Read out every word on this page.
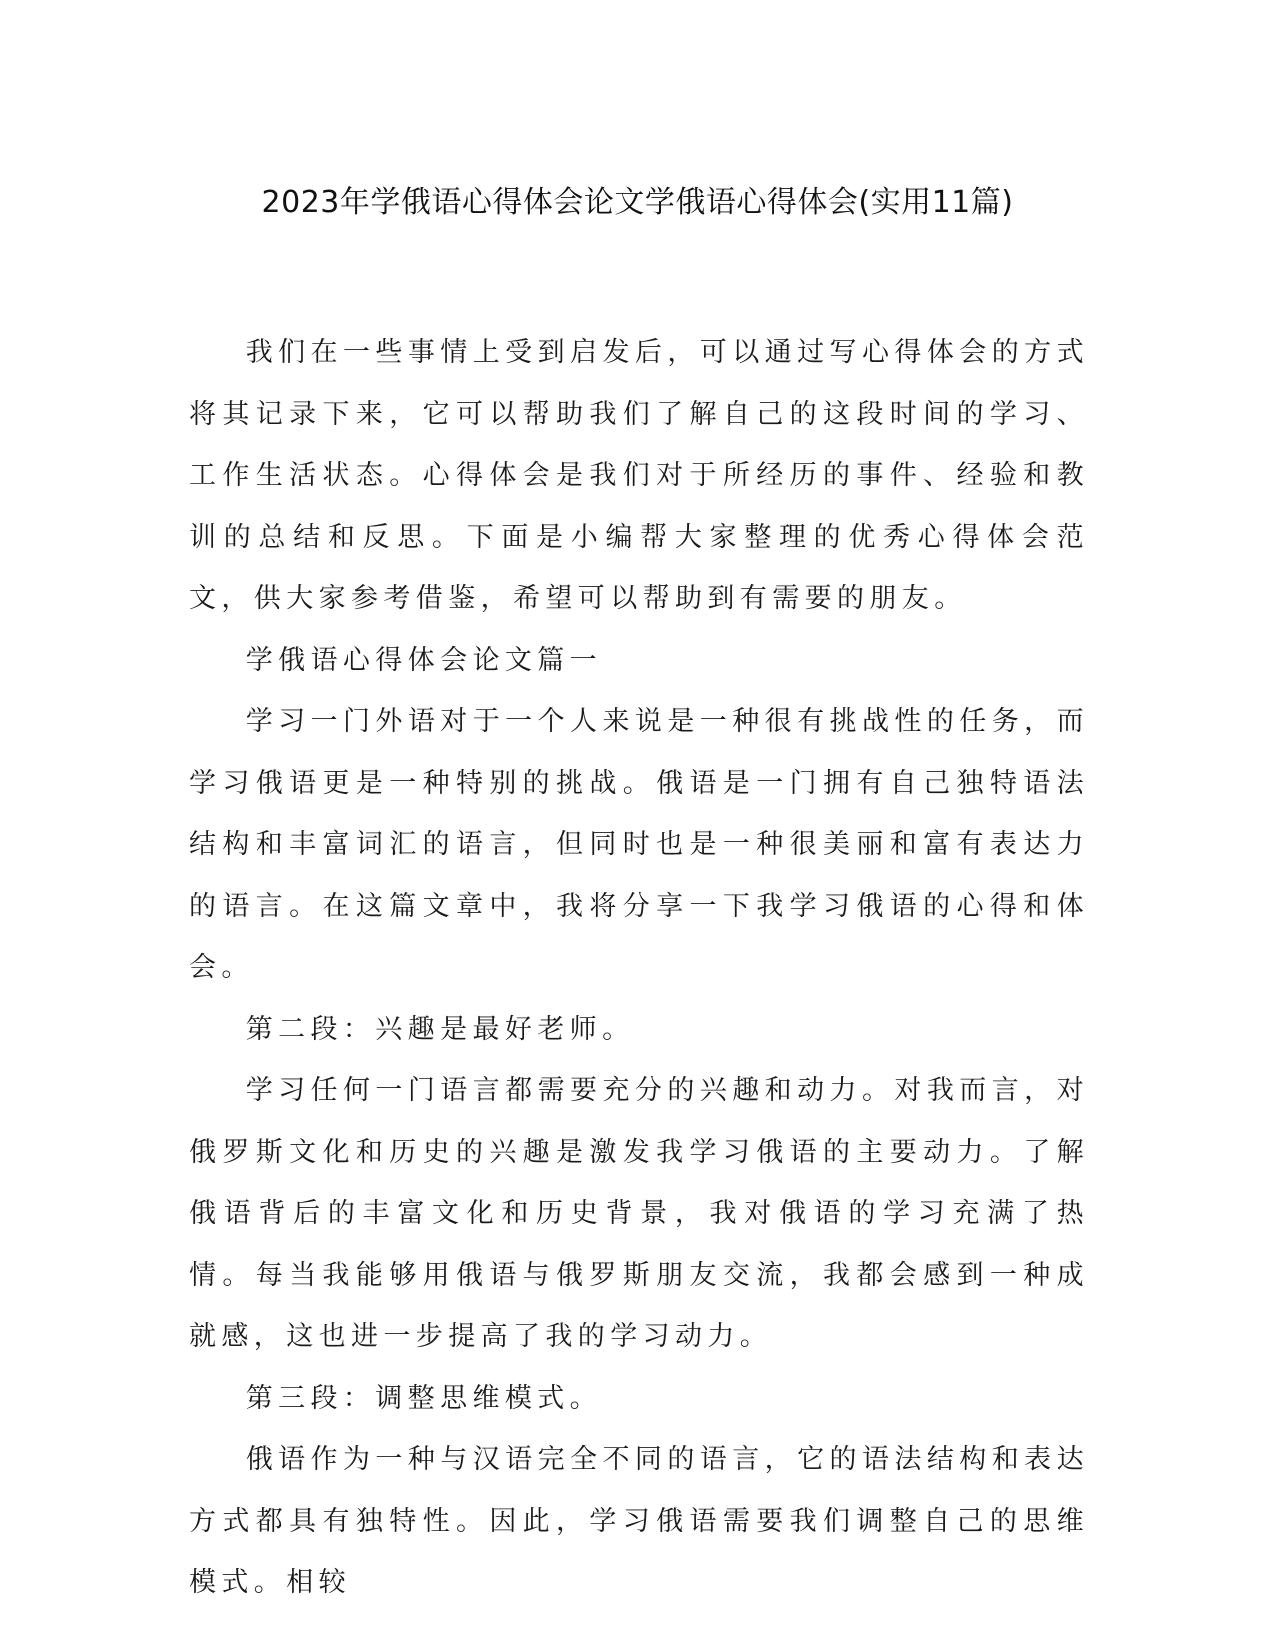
2023年学俄语心得体会论文学俄语心得体会(实用11篇)

我们在一些事情上受到启发后，可以通过写心得体会的方式将其记录下来，它可以帮助我们了解自己的这段时间的学习、工作生活状态。心得体会是我们对于所经历的事件、经验和教训的总结和反思。下面是小编帮大家整理的优秀心得体会范文，供大家参考借鉴，希望可以帮助到有需要的朋友。

学俄语心得体会论文篇一

学习一门外语对于一个人来说是一种很有挑战性的任务，而学习俄语更是一种特别的挑战。俄语是一门拥有自己独特语法结构和丰富词汇的语言，但同时也是一种很美丽和富有表达力的语言。在这篇文章中，我将分享一下我学习俄语的心得和体会。

第二段：兴趣是最好老师。

学习任何一门语言都需要充分的兴趣和动力。对我而言，对俄罗斯文化和历史的兴趣是激发我学习俄语的主要动力。了解俄语背后的丰富文化和历史背景，我对俄语的学习充满了热情。每当我能够用俄语与俄罗斯朋友交流，我都会感到一种成就感，这也进一步提高了我的学习动力。

第三段：调整思维模式。

俄语作为一种与汉语完全不同的语言，它的语法结构和表达方式都具有独特性。因此，学习俄语需要我们调整自己的思维模式。相较
